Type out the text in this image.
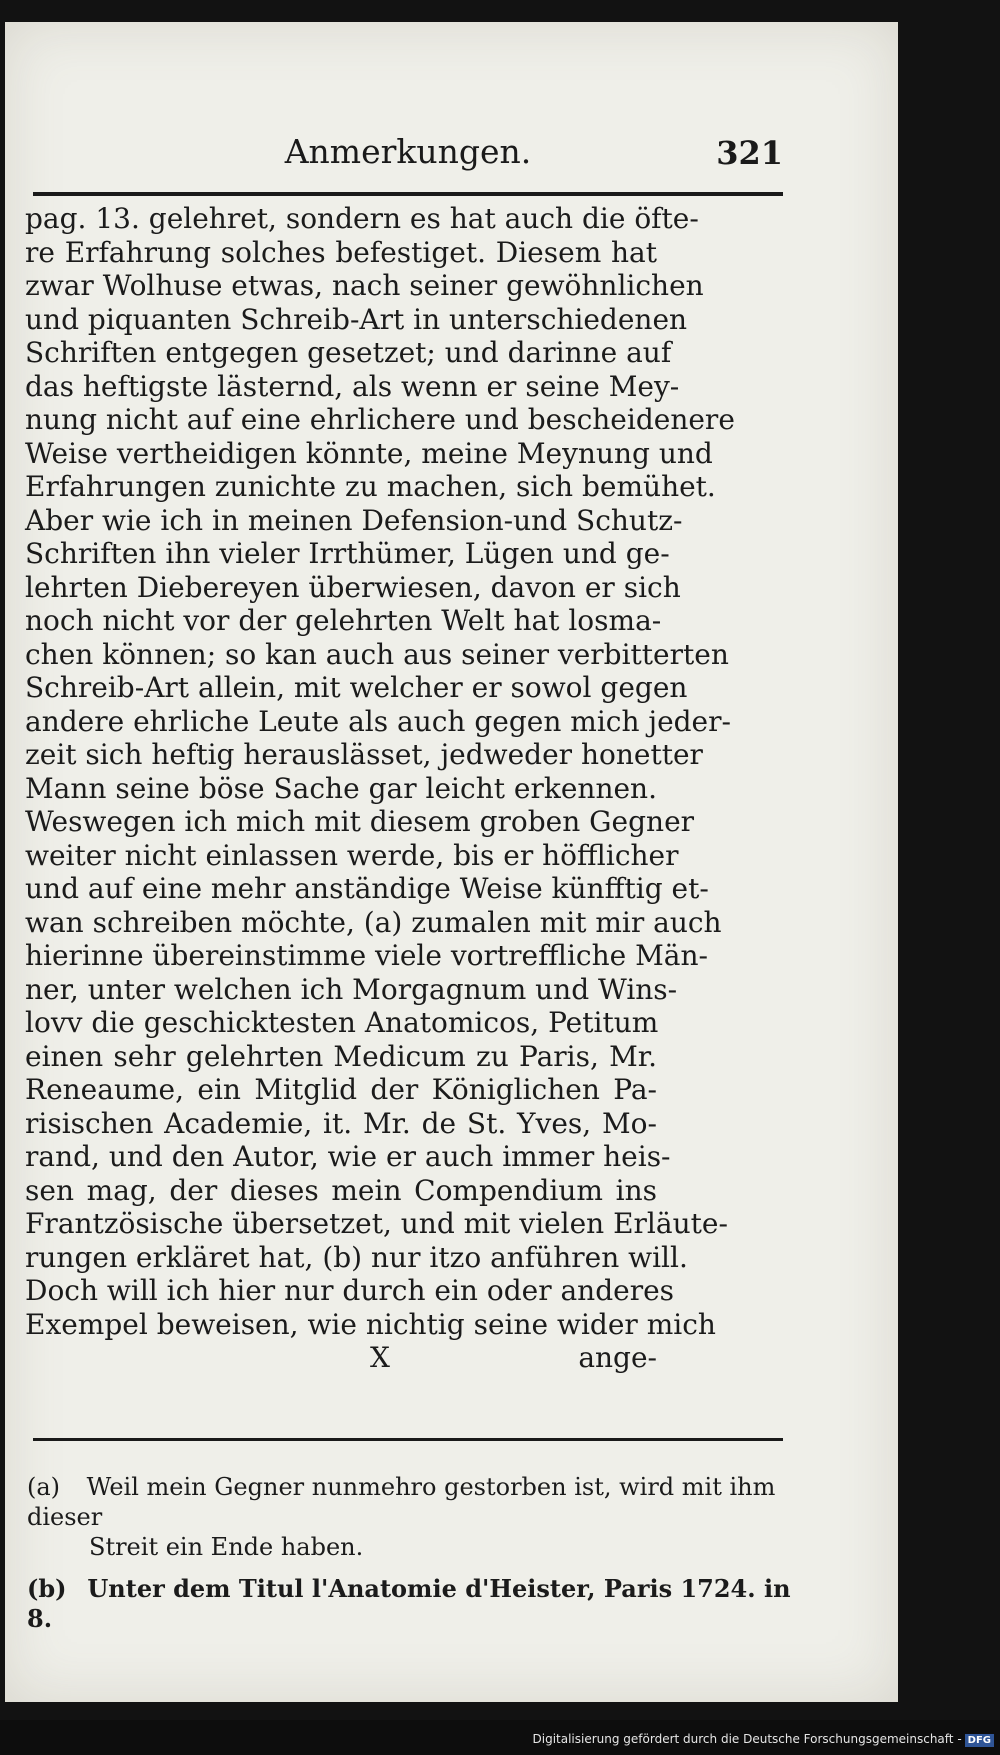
Anmerkungen.	321
pag. 13. gelehret, sondern es hat auch die öfte-
re Erfahrung solches befestiget. Diesem hat
zwar Wolhuse etwas, nach seiner gewöhnlichen
und piquanten Schreib-Art in unterschiedenen
Schriften entgegen gesetzet; und darinne auf
das heftigste lästernd, als wenn er seine Mey-
nung nicht auf eine ehrlichere und bescheidenere
Weise vertheidigen könnte, meine Meynung und
Erfahrungen zunichte zu machen, sich bemühet.
Aber wie ich in meinen Defension-und Schutz-
Schriften ihn vieler Irrthümer, Lügen und ge-
lehrten Diebereyen überwiesen, davon er sich
noch nicht vor der gelehrten Welt hat losma-
chen können; so kan auch aus seiner verbitterten
Schreib-Art allein, mit welcher er sowol gegen
andere ehrliche Leute als auch gegen mich jeder-
zeit sich heftig herauslässet, jedweder honetter
Mann seine böse Sache gar leicht erkennen.
Weswegen ich mich mit diesem groben Gegner
weiter nicht einlassen werde, bis er höfflicher
und auf eine mehr anständige Weise künfftig et-
wan schreiben möchte, (a) zumalen mit mir auch
hierinne übereinstimme viele vortreffliche Män-
ner, unter welchen ich Morgagnum und Wins-
lovv die geschicktesten Anatomicos, Petitum
einen sehr gelehrten Medicum zu Paris, Mr.
Reneaume, ein Mitglid der Königlichen Pa-
risischen Academie, it. Mr. de St. Yves, Mo-
rand, und den Autor, wie er auch immer heis-
sen mag, der dieses mein Compendium ins
Frantzösische übersetzet, und mit vielen Erläute-
rungen erkläret hat, (b) nur itzo anführen will.
Doch will ich hier nur durch ein oder anderes
Exempel beweisen, wie nichtig seine wider mich
X	ange-
(a) Weil mein Gegner nunmehro gestorben ist, wird mit ihm dieser
Streit ein Ende haben.
(b) Unter dem Titul l'Anatomie d'Heister, Paris 1724. in 8.
Digitalisierung gefördert durch die Deutsche Forschungsgemeinschaft - DFG
